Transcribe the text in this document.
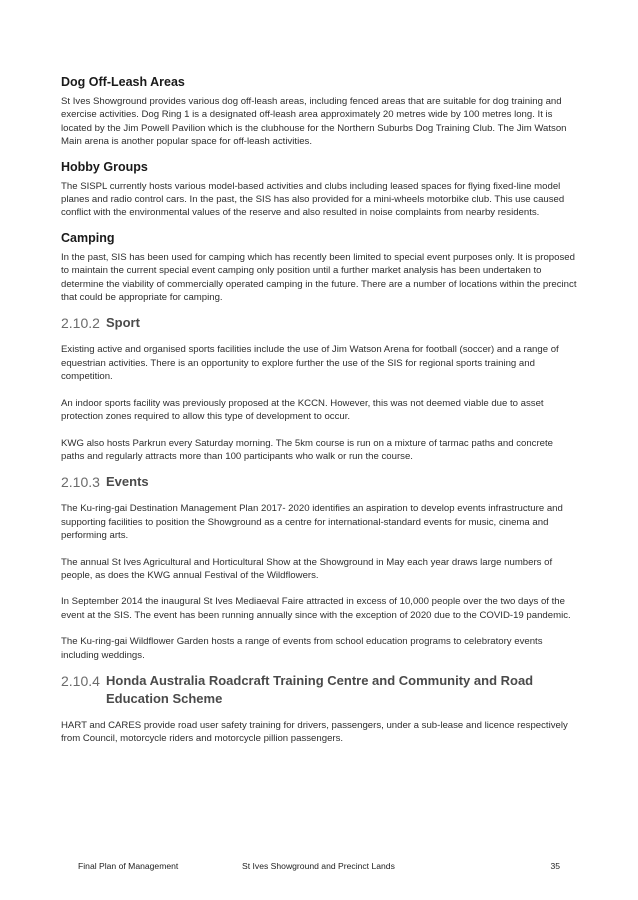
Dog Off-Leash Areas

St Ives Showground provides various dog off-leash areas, including fenced areas that are suitable for dog training and exercise activities. Dog Ring 1 is a designated off-leash area approximately 20 metres wide by 100 metres long. It is located by the Jim Powell Pavilion which is the clubhouse for the Northern Suburbs Dog Training Club. The Jim Watson Main arena is another popular space for off-leash activities.

Hobby Groups

The SISPL currently hosts various model-based activities and clubs including leased spaces for flying fixed-line model planes and radio control cars. In the past, the SIS has also provided for a mini-wheels motorbike club. This use caused conflict with the environmental values of the reserve and also resulted in noise complaints from nearby residents.

Camping

In the past, SIS has been used for camping which has recently been limited to special event purposes only. It is proposed to maintain the current special event camping only position until a further market analysis has been undertaken to determine the viability of commercially operated camping in the future. There are a number of locations within the precinct that could be appropriate for camping.

2.10.2 Sport

Existing active and organised sports facilities include the use of Jim Watson Arena for football (soccer) and a range of equestrian activities. There is an opportunity to explore further the use of the SIS for regional sports training and competition.

An indoor sports facility was previously proposed at the KCCN. However, this was not deemed viable due to asset protection zones required to allow this type of development to occur.

KWG also hosts Parkrun every Saturday morning. The 5km course is run on a mixture of tarmac paths and concrete paths and regularly attracts more than 100 participants who walk or run the course.

2.10.3 Events

The Ku-ring-gai Destination Management Plan 2017- 2020 identifies an aspiration to develop events infrastructure and supporting facilities to position the Showground as a centre for international-standard events for music, cinema and performing arts.

The annual St Ives Agricultural and Horticultural Show at the Showground in May each year draws large numbers of people, as does the KWG annual Festival of the Wildflowers.

In September 2014 the inaugural St Ives Mediaeval Faire attracted in excess of 10,000 people over the two days of the event at the SIS. The event has been running annually since with the exception of 2020 due to the COVID-19 pandemic.

The Ku-ring-gai Wildflower Garden hosts a range of events from school education programs to celebratory events including weddings.

2.10.4 Honda Australia Roadcraft Training Centre and Community and Road Education Scheme

HART and CARES provide road user safety training for drivers, passengers, under a sub-lease and licence respectively from Council, motorcycle riders and motorcycle pillion passengers.

Final Plan of Management	St Ives Showground and Precinct Lands	35
